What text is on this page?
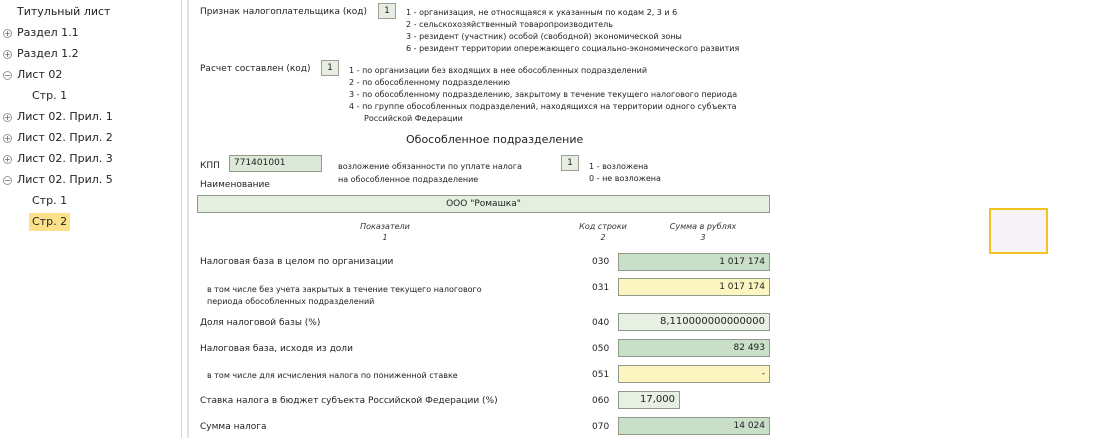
Титульный лист
+ Раздел 1.1
+ Раздел 1.2
− Лист 02
Стр. 1
+ Лист 02. Прил. 1
+ Лист 02. Прил. 2
+ Лист 02. Прил. 3
− Лист 02. Прил. 5
Стр. 1
Стр. 2
Признак налогоплательщика (код)	1	1 - организация, не относящаяся к указанным по кодам 2, 3 и 6
2 - сельскохозяйственный товаропроизводитель
3 - резидент (участник) особой (свободной) экономической зоны
6 - резидент территории опережающего социально-экономического развития
Расчет составлен (код)	1	1 - по организации без входящих в нее обособленных подразделений
2 - по обособленному подразделению
3 - по обособленному подразделению, закрытому в течение текущего налогового периода
4 - по группе обособленных подразделений, находящихся на территории одного субъекта
Российской Федерации
Обособленное подразделение
КПП	771401001	возложение обязанности по уплате налога
на обособленное подразделение
1	1 - возложена
0 - не возложена
Наименование
ООО "Ромашка"
Показатели
1
Код строки
2
Сумма в рублях
3
Налоговая база в целом по организации	030	1 017 174
в том числе без учета закрытых в течение текущего налогового
периода обособленных подразделений
031	1 017 174
Доля налоговой базы (%)	040	8,110000000000000
Налоговая база, исходя из доли	050	82 493
в том числе для исчисления налога по пониженной ставке	051	-
Ставка налога в бюджет субъекта Российской Федерации (%)	060	17,000
Сумма налога	070	14 024
